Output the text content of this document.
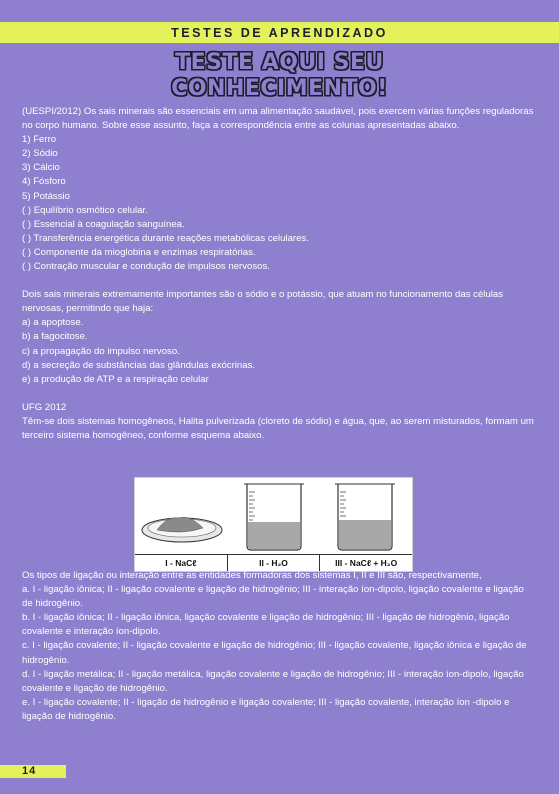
TESTES DE APRENDIZADO
TESTE AQUI SEU
CONHECIMENTO!

(UESPI/2012) Os sais minerais são essenciais em uma alimentação saudável, pois exercem várias funções reguladoras no corpo humano. Sobre esse assunto, faça a correspondência entre as colunas apresentadas abaixo.

1) Ferro

2) Sódio

3) Cálcio

4) Fósforo

5) Potássio

( ) Equilíbrio osmótico celular.

( ) Essencial à coagulação sanguínea.

( ) Transferência energética durante reações metabólicas celulares.

( ) Componente da mioglobina e enzimas respiratórias.

( ) Contração muscular e condução de impulsos nervosos.

Dois sais minerais extremamente importantes são o sódio e o potássio, que atuam no funcionamento das células nervosas, permitindo que haja:

a) a apoptose.

b) a fagocitose.

c) a propagação do impulso nervoso.

d) a secreção de substâncias das glândulas exócrinas.

e) a produção de ATP e a respiração celular

UFG 2012

Têm-se dois sistemas homogêneos, Halita pulverizada (cloreto de sódio) e água, que, ao serem misturados, formam um terceiro sistema homogêneo, conforme esquema abaixo.

I - NaCℓ	II - H₂O	III - NaCℓ + H₂O

Os tipos de ligação ou interação entre as entidades formadoras dos sistemas I, II e III são, respectivamente,

a. I - ligação iônica; II - ligação covalente e ligação de hidrogênio; III - interação íon-dipolo, ligação covalente e ligação de hidrogênio.

b. I - ligação iônica; II - ligação iônica, ligação covalente e ligação de hidrogênio; III - ligação de hidrogênio, ligação covalente e interação íon-dipolo.

c. I - ligação covalente; II - ligação covalente e ligação de hidrogênio; III - ligação covalente, ligação iônica e ligação de hidrogênio.

d. I - ligação metálica; II - ligação metálica, ligação covalente e ligação de hidrogênio; III - interação íon-dipolo, ligação covalente e ligação de hidrogênio.

e. I - ligação covalente; II - ligação de hidrogênio e ligação covalente; III - ligação covalente, interação íon -dipolo e ligação de hidrogênio.

14
